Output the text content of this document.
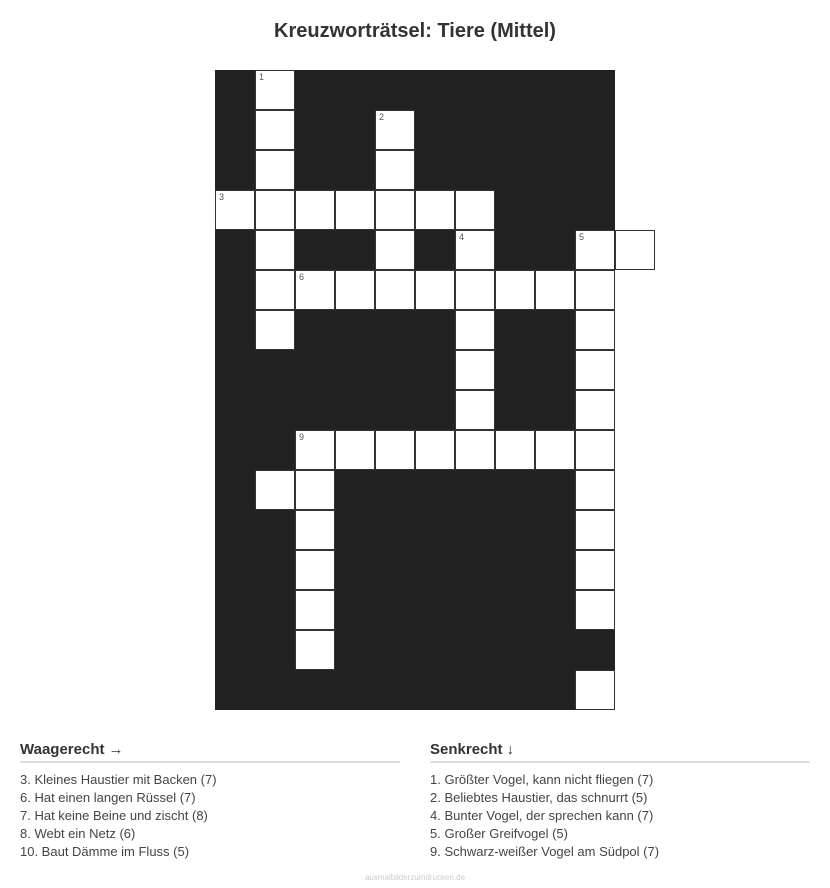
Kreuzworträtsel: Tiere (Mittel)
1
2
3
4
6
5
9
Waagerecht →
3. Kleines Haustier mit Backen (7)
6. Hat einen langen Rüssel (7)
7. Hat keine Beine und zischt (8)
8. Webt ein Netz (6)
10. Baut Dämme im Fluss (5)
Senkrecht ↓
1. Größter Vogel, kann nicht fliegen (7)
2. Beliebtes Haustier, das schnurrt (5)
4. Bunter Vogel, der sprechen kann (7)
5. Großer Greifvogel (5)
9. Schwarz-weißer Vogel am Südpol (7)
ausmalbilderzumdrucken.de
